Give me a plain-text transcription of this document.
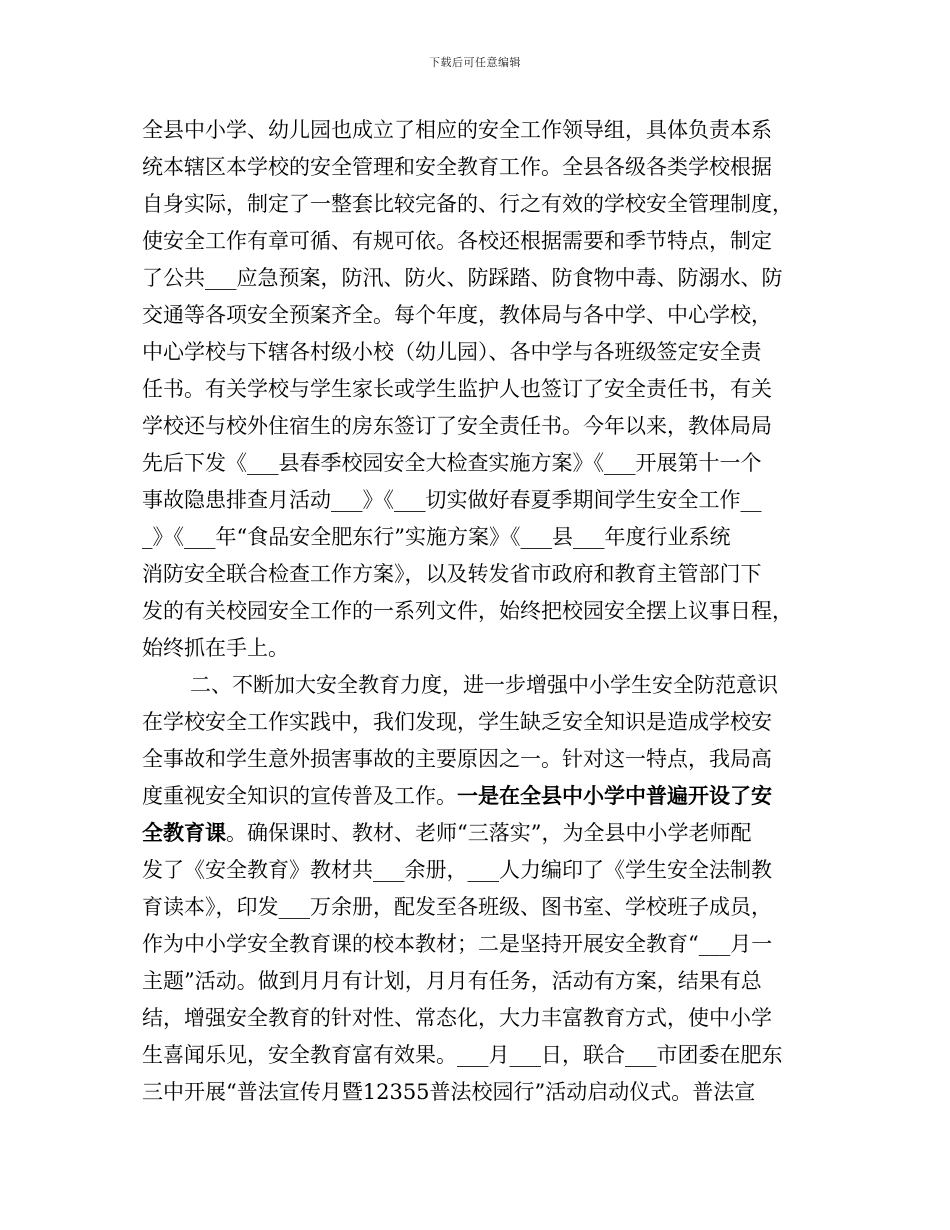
下载后可任意编辑
全县中小学、幼儿园也成立了相应的安全工作领导组，具体负责本系
统本辖区本学校的安全管理和安全教育工作。全县各级各类学校根据
自身实际，制定了一整套比较完备的、行之有效的学校安全管理制度，
使安全工作有章可循、有规可依。各校还根据需要和季节特点，制定
了公共___应急预案，防汛、防火、防踩踏、防食物中毒、防溺水、防
交通等各项安全预案齐全。每个年度，教体局与各中学、中心学校，
中心学校与下辖各村级小校（幼儿园）、各中学与各班级签定安全责
任书。有关学校与学生家长或学生监护人也签订了安全责任书，有关
学校还与校外住宿生的房东签订了安全责任书。今年以来，教体局局
先后下发《___县春季校园安全大检查实施方案》《___开展第十一个
事故隐患排查月活动___》《___切实做好春夏季期间学生安全工作__
_》《___年“食品安全肥东行”实施方案》《___县___年度行业系统
消防安全联合检查工作方案》，以及转发省市政府和教育主管部门下
发的有关校园安全工作的一系列文件，始终把校园安全摆上议事日程，
始终抓在手上。
二、不断加大安全教育力度，进一步增强中小学生安全防范意识
在学校安全工作实践中，我们发现，学生缺乏安全知识是造成学校安
全事故和学生意外损害事故的主要原因之一。针对这一特点，我局高
度重视安全知识的宣传普及工作。一是在全县中小学中普遍开设了安
全教育课。确保课时、教材、老师“三落实”，为全县中小学老师配
发了《安全教育》教材共___余册，___人力编印了《学生安全法制教
育读本》，印发___万余册，配发至各班级、图书室、学校班子成员，
作为中小学安全教育课的校本教材；二是坚持开展安全教育“___月一
主题”活动。做到月月有计划，月月有任务，活动有方案，结果有总
结，增强安全教育的针对性、常态化，大力丰富教育方式，使中小学
生喜闻乐见，安全教育富有效果。___月___日，联合___市团委在肥东
三中开展“普法宣传月暨12355普法校园行”活动启动仪式。普法宣
